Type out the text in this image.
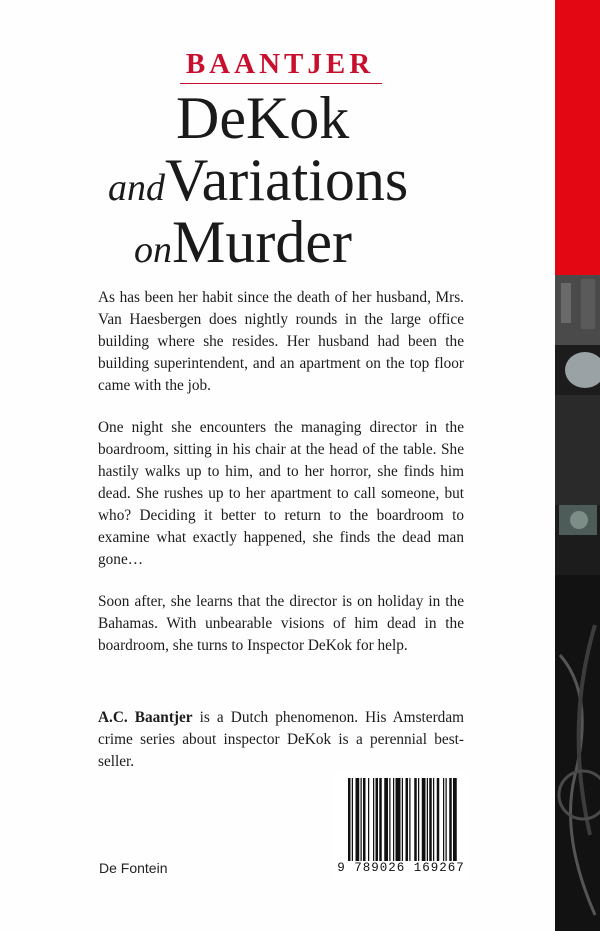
BAANTJER
DeKok
andVariations
onMurder

As has been her habit since the death of her husband, Mrs. Van Haesbergen does nightly rounds in the large office building where she resides. Her husband had been the building superintendent, and an apartment on the top floor came with the job.

One night she encounters the managing director in the boardroom, sitting in his chair at the head of the table. She hastily walks up to him, and to her horror, she finds him dead. She rushes up to her apartment to call someone, but who? Deciding it better to return to the boardroom to examine what exactly happened, she finds the dead man gone…

Soon after, she learns that the director is on holiday in the Bahamas. With unbearable visions of him dead in the boardroom, she turns to Inspector DeKok for help.

A.C. Baantjer is a Dutch phenomenon. His Amsterdam crime series about inspector DeKok is a perennial best-seller.
De Fontein	9 789026 169267
